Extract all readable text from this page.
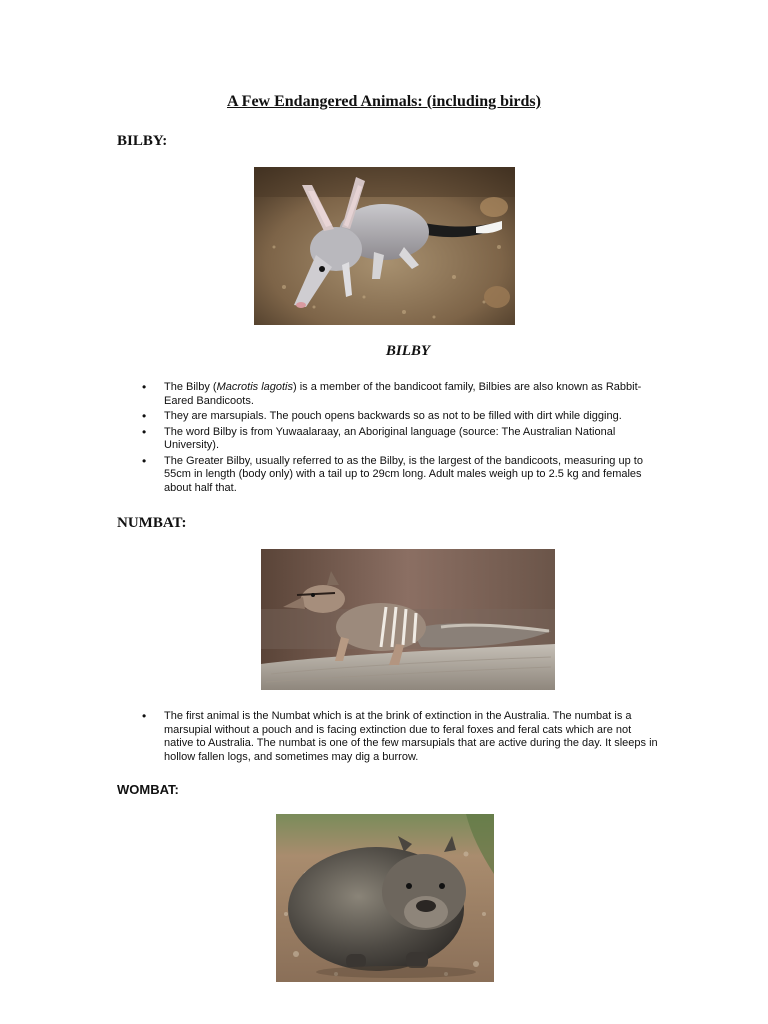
A Few Endangered Animals: (including birds)
BILBY:

BILBY

• The Bilby (Macrotis lagotis) is a member of the bandicoot family, Bilbies are also known as Rabbit-Eared Bandicoots.
• They are marsupials. The pouch opens backwards so as not to be filled with dirt while digging.
• The word Bilby is from Yuwaalaraay, an Aboriginal language (source: The Australian National University).
• The Greater Bilby, usually referred to as the Bilby, is the largest of the bandicoots, measuring up to 55cm in length (body only) with a tail up to 29cm long. Adult males weigh up to 2.5 kg and females about half that.
NUMBAT:
• The first animal is the Numbat which is at the brink of extinction in the Australia. The numbat is a marsupial without a pouch and is facing extinction due to feral foxes and feral cats which are not native to Australia. The numbat is one of the few marsupials that are active during the day. It sleeps in hollow fallen logs, and sometimes may dig a burrow.
WOMBAT:
